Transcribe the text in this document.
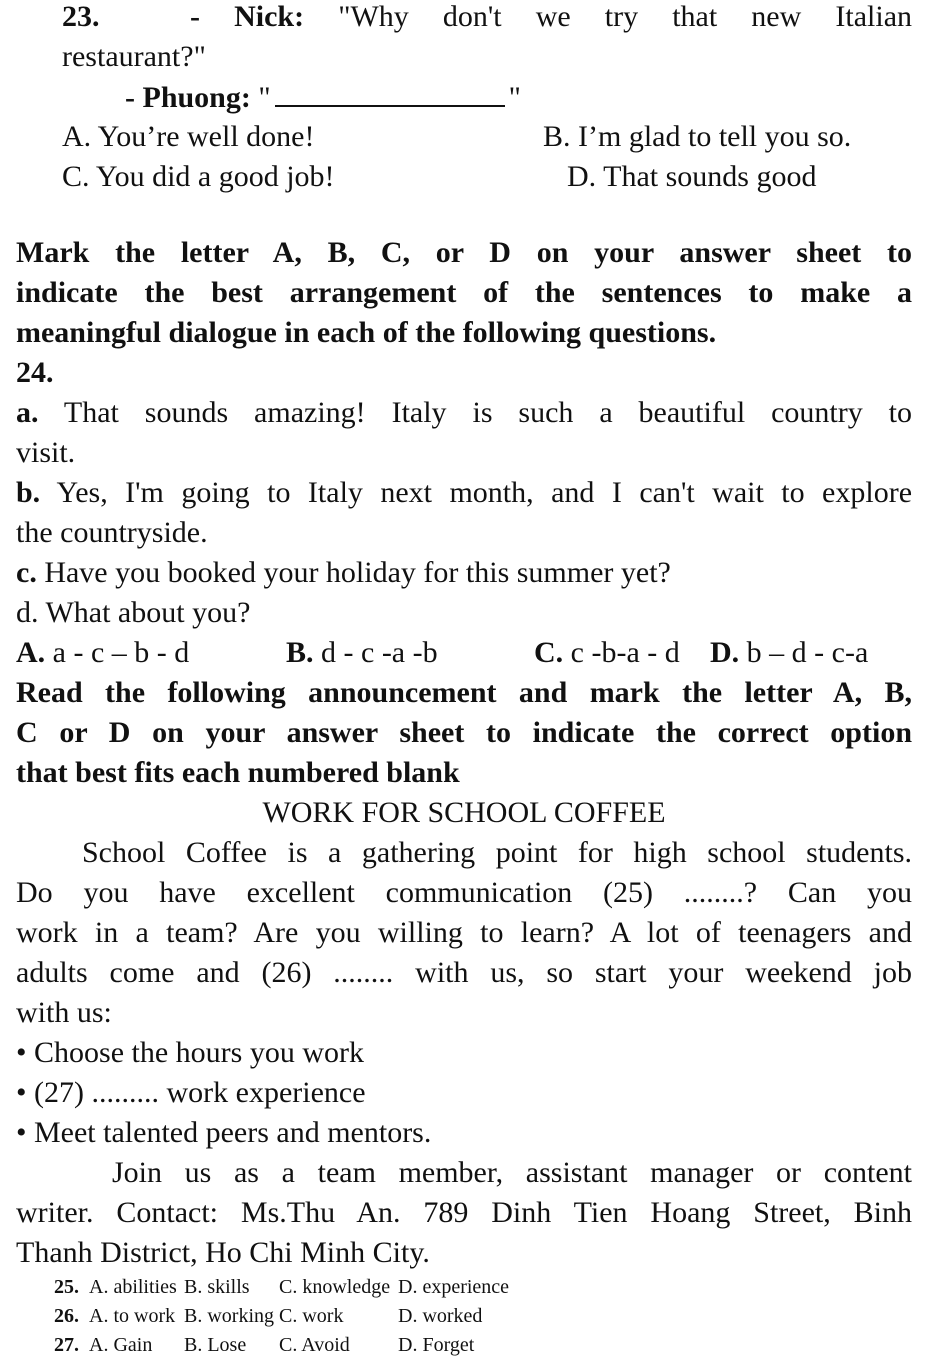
23.	- Nick: "Why don't we try that new Italian
restaurant?"
- Phuong: "	"
A. You’re well done!	B. I’m glad to tell you so.
C. You did a good job!	D. That sounds good
Mark the letter A, B, C, or D on your answer sheet to
indicate the best arrangement of the sentences to make a
meaningful dialogue in each of the following questions.
24.
a. That sounds amazing! Italy is such a beautiful country to
visit.
b. Yes, I'm going to Italy next month, and I can't wait to explore
the countryside.
c. Have you booked your holiday for this summer yet?
d. What about you?
A. a - c – b - d	B. d - c -a -b	C. c -b-a - d D. b – d - c-a
Read the following announcement and mark the letter A, B,
C or D on your answer sheet to indicate the correct option
that best fits each numbered blank
WORK FOR SCHOOL COFFEE
School Coffee is a gathering point for high school students.
Do you have excellent communication (25) ........? Can you
work in a team? Are you willing to learn? A lot of teenagers and
adults come and (26) ........ with us, so start your weekend job
with us:
• Choose the hours you work
• (27) ......... work experience
• Meet talented peers and mentors.
Join us as a team member, assistant manager or content
writer. Contact: Ms.Thu An. 789 Dinh Tien Hoang Street, Binh
Thanh District, Ho Chi Minh City.
25. A. abilities B. skills C. knowledge D. experience
26. A. to work B. working C. work	D. worked
27. A. Gain B. Lose C. Avoid D. Forget
